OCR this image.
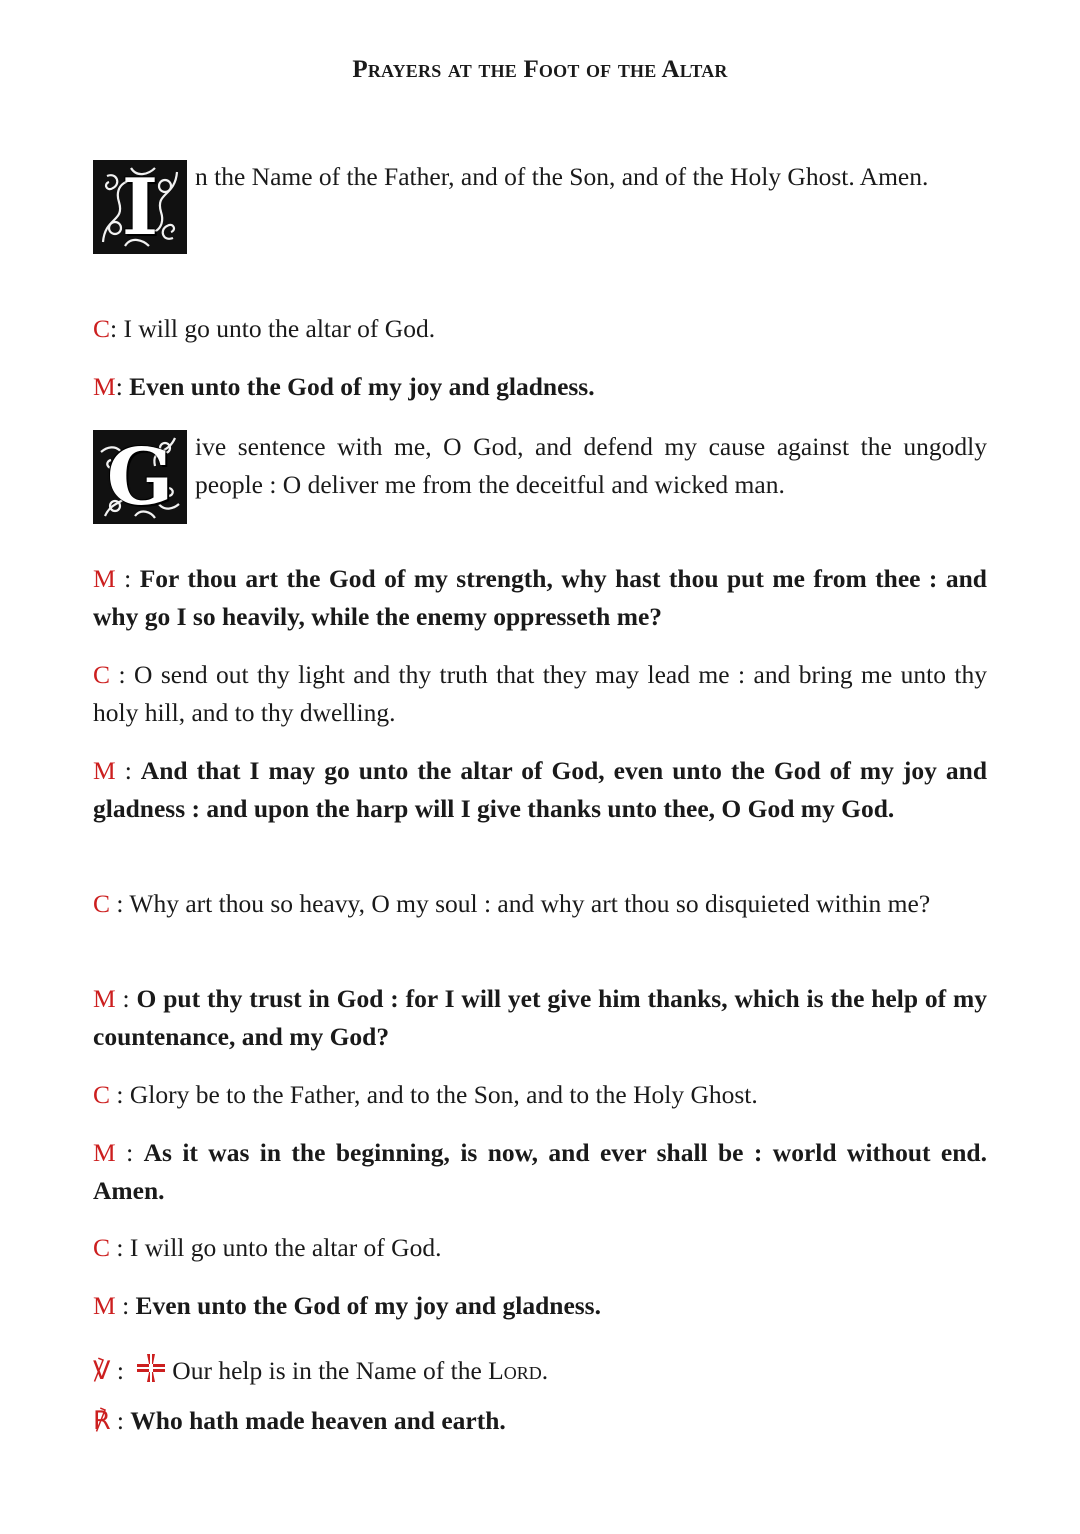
Prayers at the Foot of the Altar
I	n the Name of the Father, and of the Son, and of the Holy Ghost. Amen.

C: I will go unto the altar of God.

M: Even unto the God of my joy and gladness.

G ive sentence with me, O God, and defend my cause against the ungodly people : O deliver me from the deceitful and wicked man.

M : For thou art the God of my strength, why hast thou put me from thee : and why go I so heavily, while the enemy oppresseth me?

C : O send out thy light and thy truth that they may lead me : and bring me unto thy holy hill, and to thy dwelling.

M : And that I may go unto the altar of God, even unto the God of my joy and gladness : and upon the harp will I give thanks unto thee, O God my God.

C : Why art thou so heavy, O my soul : and why art thou so disquieted within me?

M : O put thy trust in God : for I will yet give him thanks, which is the help of my countenance, and my God?

C : Glory be to the Father, and to the Son, and to the Holy Ghost.

M : As it was in the beginning, is now, and ever shall be : world without end. Amen.

C : I will go unto the altar of God.

M : Even unto the God of my joy and gladness.

℣ : Our help is in the Name of the Lord.

℟ : Who hath made heaven and earth.
